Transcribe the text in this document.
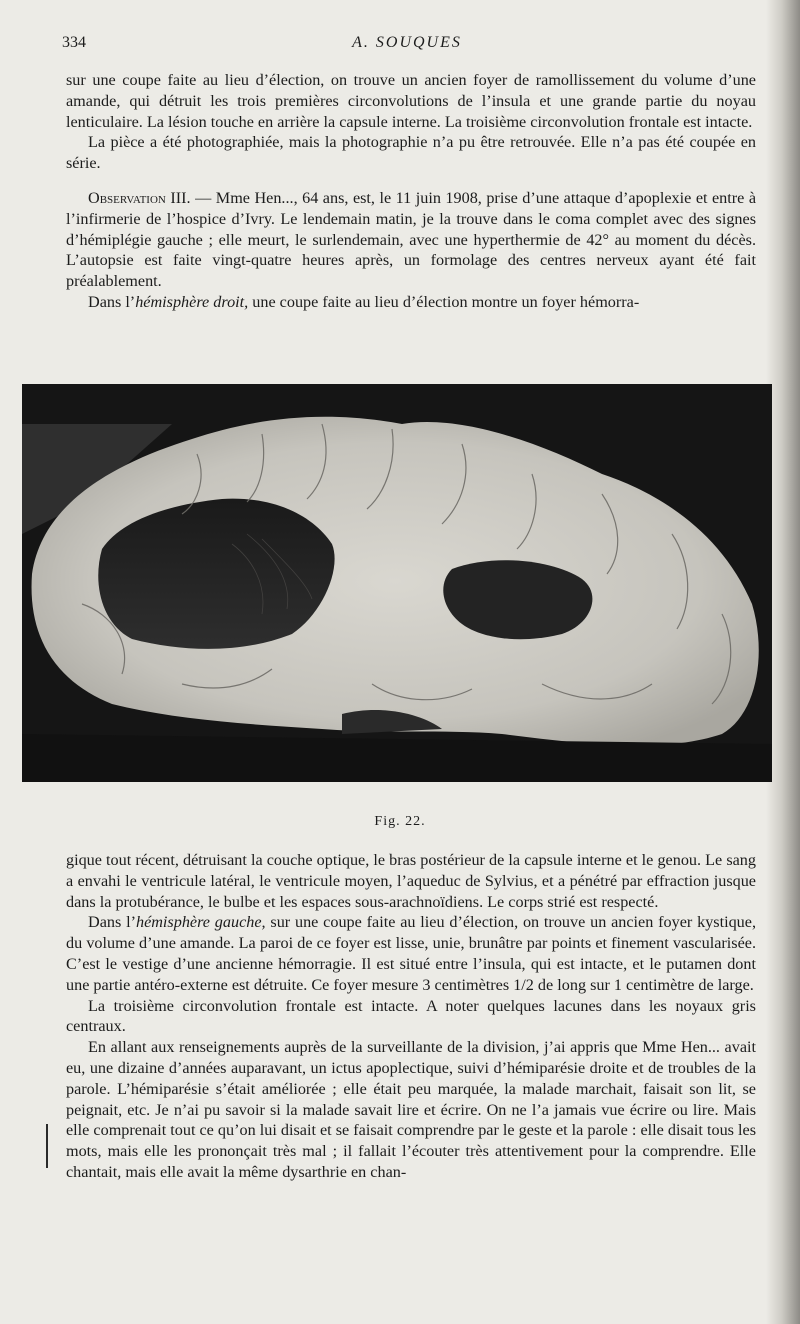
334	A. SOUQUES

sur une coupe faite au lieu d’élection, on trouve un ancien foyer de ramollissement du volume d’une amande, qui détruit les trois premières circonvolutions de l’insula et une grande partie du noyau lenticulaire. La lésion touche en arrière la capsule interne. La troisième circonvolution frontale est intacte.

La pièce a été photographiée, mais la photographie n’a pu être retrouvée. Elle n’a pas été coupée en série.

Observation III. — Mme Hen..., 64 ans, est, le 11 juin 1908, prise d’une attaque d’apoplexie et entre à l’infirmerie de l’hospice d’Ivry. Le lendemain matin, je la trouve dans le coma complet avec des signes d’hémiplégie gauche ; elle meurt, le surlendemain, avec une hyperthermie de 42° au moment du décès. L’autopsie est faite vingt-quatre heures après, un formolage des centres nerveux ayant été fait préalablement.

Dans l’hémisphère droit, une coupe faite au lieu d’élection montre un foyer hémorra-

Fig. 22.

gique tout récent, détruisant la couche optique, le bras postérieur de la capsule interne et le genou. Le sang a envahi le ventricule latéral, le ventricule moyen, l’aqueduc de Sylvius, et a pénétré par effraction jusque dans la protubérance, le bulbe et les espaces sous-arachnoïdiens. Le corps strié est respecté.

Dans l’hémisphère gauche, sur une coupe faite au lieu d’élection, on trouve un ancien foyer kystique, du volume d’une amande. La paroi de ce foyer est lisse, unie, brunâtre par points et finement vascularisée. C’est le vestige d’une ancienne hémorragie. Il est situé entre l’insula, qui est intacte, et le putamen dont une partie antéro-externe est détruite. Ce foyer mesure 3 centimètres 1/2 de long sur 1 centimètre de large.

La troisième circonvolution frontale est intacte. A noter quelques lacunes dans les noyaux gris centraux.

En allant aux renseignements auprès de la surveillante de la division, j’ai appris que Mme Hen... avait eu, une dizaine d’années auparavant, un ictus apoplectique, suivi d’hémiparésie droite et de troubles de la parole. L’hémiparésie s’était améliorée ; elle était peu marquée, la malade marchait, faisait son lit, se peignait, etc. Je n’ai pu savoir si la malade savait lire et écrire. On ne l’a jamais vue écrire ou lire. Mais elle comprenait tout ce qu’on lui disait et se faisait comprendre par le geste et la parole : elle disait tous les mots, mais elle les prononçait très mal ; il fallait l’écouter très attentivement pour la comprendre. Elle chantait, mais elle avait la même dysarthrie en chan-
